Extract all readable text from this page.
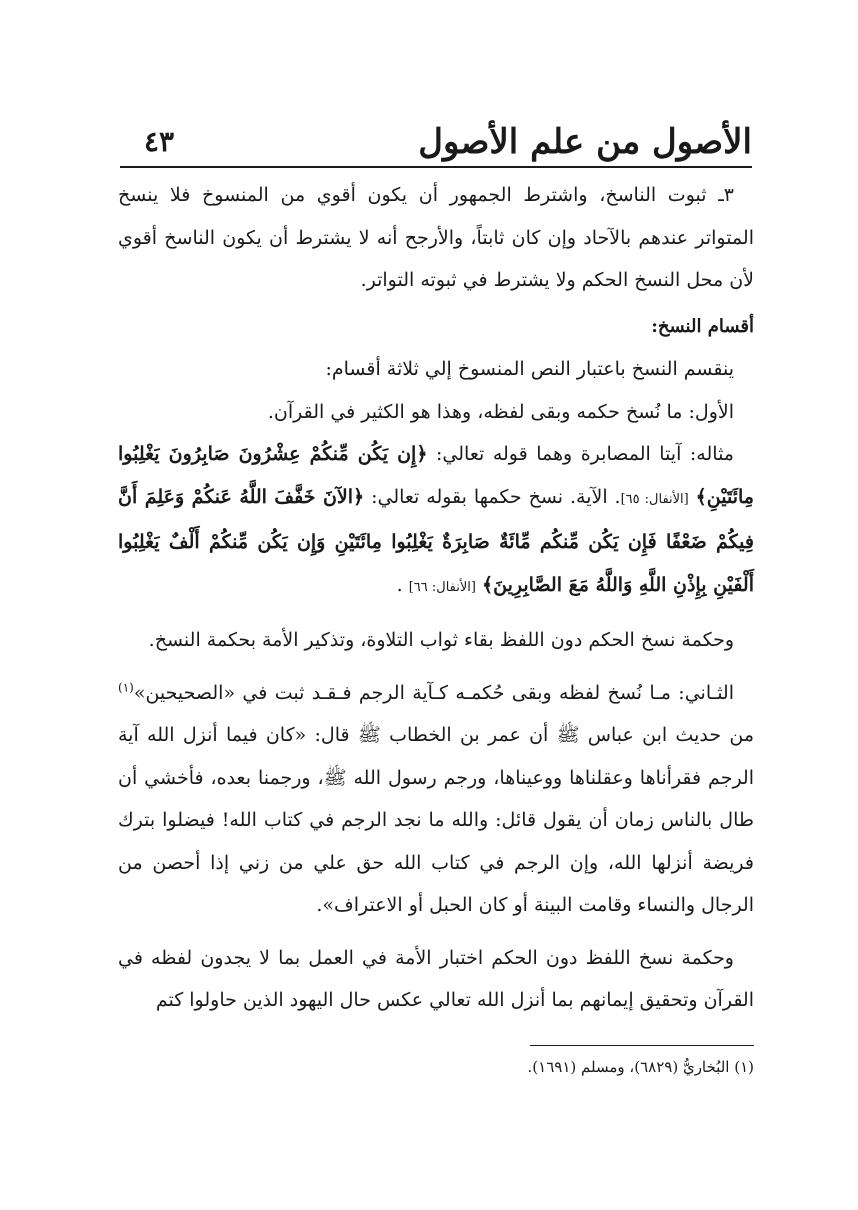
الأصول من علم الأصول
٤٣

٣ـ ثبوت الناسخ، واشترط الجمهور أن يكون أقوي من المنسوخ فلا ينسخ المتواتر عندهم بالآحاد وإن كان ثابتاً، والأرجح أنه لا يشترط أن يكون الناسخ أقوي لأن محل النسخ الحكم ولا يشترط في ثبوته التواتر.

أقسام النسخ:

ينقسم النسخ باعتبار النص المنسوخ إلي ثلاثة أقسام:

الأول: ما نُسخ حكمه وبقى لفظه، وهذا هو الكثير في القرآن.

مثاله: آيتا المصابرة وهما قوله تعالي: ﴿إِن يَكُن مِّنكُمْ عِشْرُونَ صَابِرُونَ يَغْلِبُوا مِائَتَيْنِ﴾ [الأنفال: ٦٥]. الآية. نسخ حكمها بقوله تعالي: ﴿الآنَ خَفَّفَ اللَّهُ عَنكُمْ وَعَلِمَ أَنَّ فِيكُمْ ضَعْفًا فَإِن يَكُن مِّنكُم مِّائَةٌ صَابِرَةٌ يَغْلِبُوا مِائَتَيْنِ وَإِن يَكُن مِّنكُمْ أَلْفٌ يَغْلِبُوا أَلْفَيْنِ بِإِذْنِ اللَّهِ وَاللَّهُ مَعَ الصَّابِرِينَ﴾ [الأنفال: ٦٦] .

وحكمة نسخ الحكم دون اللفظ بقاء ثواب التلاوة، وتذكير الأمة بحكمة النسخ.

الثـاني: مـا نُسخ لفظه وبقى حُكمـه كـآية الرجم فـقـد ثبت في «الصحيحين»$^{(١)}$ من حديث ابن عباس ﷺ أن عمر بن الخطاب ﷺ قال: «كان فيما أنزل الله آية الرجم فقرأناها وعقلناها ووعيناها، ورجم رسول الله ﷺ، ورجمنا بعده، فأخشي أن طال بالناس زمان أن يقول قائل: والله ما نجد الرجم في كتاب الله! فيضلوا بترك فريضة أنزلها الله، وإن الرجم في كتاب الله حق علي من زني إذا أحصن من الرجال والنساء وقامت البينة أو كان الحبل أو الاعتراف».

وحكمة نسخ اللفظ دون الحكم اختبار الأمة في العمل بما لا يجدون لفظه في القرآن وتحقيق إيمانهم بما أنزل الله تعالي عكس حال اليهود الذين حاولوا كتم

(١) البُخاريُّ (٦٨٢٩)، ومسلم (١٦٩١).
